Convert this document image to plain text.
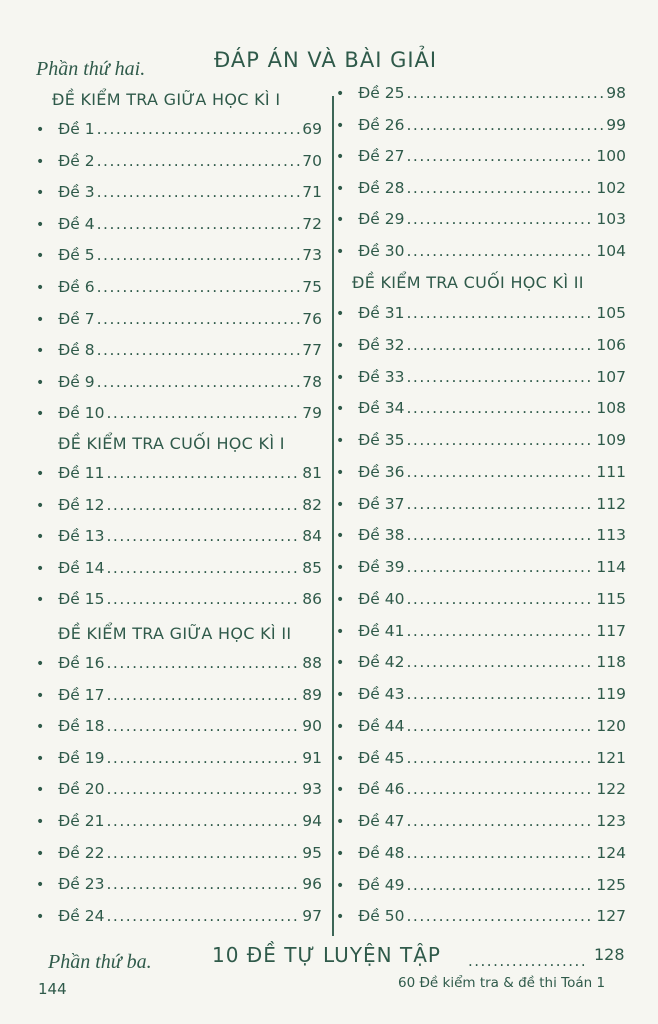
Phần thứ hai.	ĐÁP ÁN VÀ BÀI GIẢI
ĐỀ KIỂM TRA GIỮA HỌC KÌ I
• Đề 1 .....	69
• Đề 2 .....	70
• Đề 3 .....	71
• Đề 4 .....	72
• Đề 5 .....	73
• Đề 6 .....	75
• Đề 7 .....	76
• Đề 8 .....	77
• Đề 9 .....	78
• Đề 10 .....	79
ĐỀ KIỂM TRA CUỐI HỌC KÌ I
• Đề 11 .....	81
• Đề 12 .....	82
• Đề 13 .....	84
• Đề 14 .....	85
• Đề 15 .....	86
ĐỀ KIỂM TRA GIỮA HỌC KÌ II
• Đề 16 .....	88
• Đề 17 .....	89
• Đề 18 .....	90
• Đề 19 .....	91
• Đề 20 .....	93
• Đề 21 .....	94
• Đề 22 .....	95
• Đề 23 .....	96
• Đề 24 .....	97
• Đề 25 .....	98
• Đề 26 .....	99
• Đề 27 .....	100
• Đề 28 .....	102
• Đề 29 .....	103
• Đề 30 .....	104
ĐỀ KIỂM TRA CUỐI HỌC KÌ II
• Đề 31 .....	105
• Đề 32 .....	106
• Đề 33 .....	107
• Đề 34 .....	108
• Đề 35 .....	109
• Đề 36 .....	111
• Đề 37 .....	112
• Đề 38 .....	113
• Đề 39 .....	114
• Đề 40 .....	115
• Đề 41 .....	117
• Đề 42 .....	118
• Đề 43 .....	119
• Đề 44 .....	120
• Đề 45 .....	121
• Đề 46 .....	122
• Đề 47 .....	123
• Đề 48 .....	124
• Đề 49 .....	125
• Đề 50 .....	127
Phần thứ ba.	10 ĐỀ TỰ LUYỆN TẬP .....	128
144	60 Đề kiểm tra & đề thi Toán 1
